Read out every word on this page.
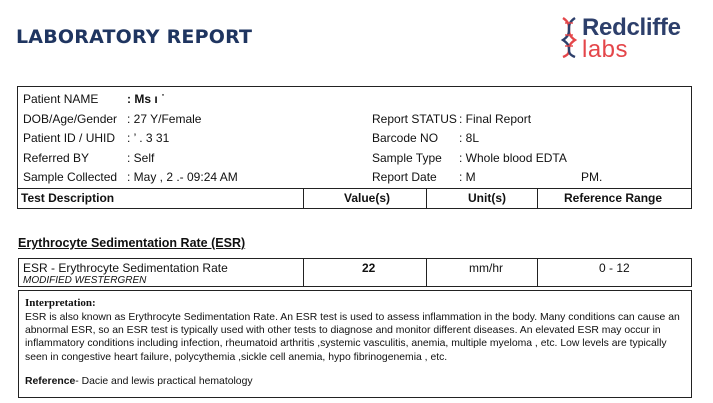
LABORATORY REPORT	Redcliffe
labs
Patient NAME : Ms ı ˙
DOB/Age/Gender : 27 Y/Female
Patient ID / UHID : ’ . 3 31
Referred BY	: Self
Sample Collected : May , 2 .- 09:24 AM
Report STATUS : Final Report
Barcode NO : 8L
Sample Type : Whole blood EDTA
Report Date : M	PM.
Test Description	Value(s)	Unit(s)	Reference Range
Erythrocyte Sedimentation Rate (ESR)
ESR - Erythrocyte Sedimentation Rate
MODIFIED WESTERGREN
22	mm/hr	0 - 12
Interpretation:
ESR is also known as Erythrocyte Sedimentation Rate. An ESR test is used to assess inflammation in the body. Many conditions can cause an abnormal ESR, so an ESR test is typically used with other tests to diagnose and monitor different diseases. An elevated ESR may occur in inflammatory conditions including infection, rheumatoid arthritis ,systemic vasculitis, anemia, multiple myeloma , etc. Low levels are typically seen in congestive heart failure, polycythemia ,sickle cell anemia, hypo fibrinogenemia , etc.
Reference- Dacie and lewis practical hematology
